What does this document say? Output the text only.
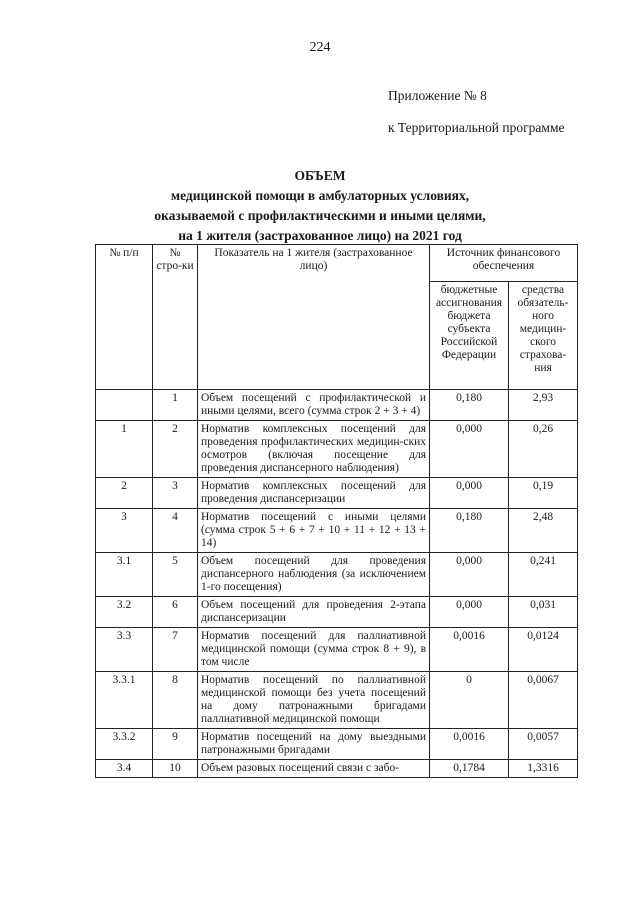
224
Приложение № 8
к Территориальной программе
ОБЪЕМ
медицинской помощи в амбулаторных условиях,
оказываемой с профилактическими и иными целями,
на 1 жителя (застрахованное лицо) на 2021 год
№ п/п	№ стро-ки	Показатель на 1 жителя (застрахованное лицо)	Источник финансового обеспечения	
			бюджетные ассигнования бюджета субъекта Российской Федерации	средства обязатель-ного медицин-ского страхова-ния
	1	Объем посещений с профилактической и иными целями, всего (сумма строк 2 + 3 + 4)	0,180	2,93
1	2	Норматив комплексных посещений для проведения профилактических медицин-ских осмотров (включая посещение для проведения диспансерного наблюдения)	0,000	0,26
2	3	Норматив комплексных посещений для проведения диспансеризации	0,000	0,19
3	4	Норматив посещений с иными целями (сумма строк 5 + 6 + 7 + 10 + 11 + 12 + 13 + 14)	0,180	2,48
3.1	5	Объем посещений для проведения диспансерного наблюдения (за исключением 1-го посещения)	0,000	0,241
3.2	6	Объем посещений для проведения 2-этапа диспансеризации	0,000	0,031
3.3	7	Норматив посещений для паллиативной медицинской помощи (сумма строк 8 + 9), в том числе	0,0016	0,0124
3.3.1	8	Норматив посещений по паллиативной медицинской помощи без учета посещений на дому патронажными бригадами паллиативной медицинской помощи	0	0,0067
3.3.2	9	Норматив посещений на дому выездными патронажными бригадами	0,0016	0,0057
3.4	10	Объем разовых посещений связи с забо-	0,1784	1,3316
